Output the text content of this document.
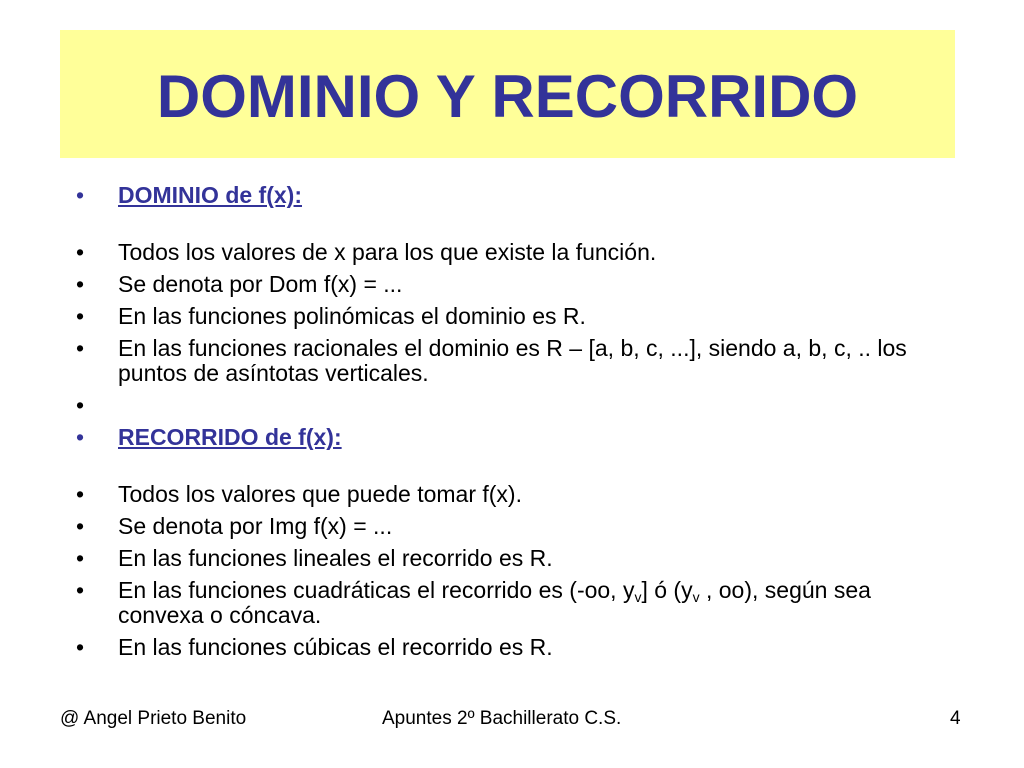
DOMINIO Y RECORRIDO
•	DOMINIO de f(x):
•	Todos los valores de x para los que existe la función.
•	Se denota por Dom f(x) = ...
•	En las funciones polinómicas el dominio es R.
•	En las funciones racionales el dominio es R – [a, b, c, ...], siendo a, b, c, .. los puntos de asíntotas verticales.
•
•	RECORRIDO de f(x):
•	Todos los valores que puede tomar f(x).
•	Se denota por Img f(x) = ...
•	En las funciones lineales el recorrido es R.
•	En las funciones cuadráticas el recorrido es (-oo, $y_v$] ó ($y_v$ , oo), según sea convexa o cóncava.
•	En las funciones cúbicas el recorrido es R.
@ Angel Prieto Benito	Apuntes 2º Bachillerato C.S.	4
